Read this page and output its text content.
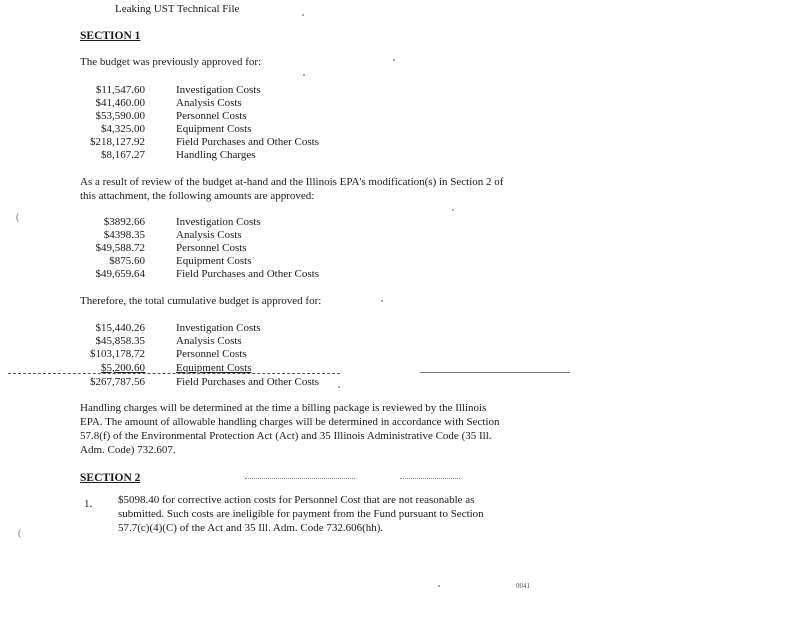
Leaking UST Technical File
SECTION 1
The budget was previously approved for:
$11,547.60	Investigation Costs
$41,460.00	Analysis Costs
$53,590.00	Personnel Costs
$4,325.00	Equipment Costs
$218,127.92	Field Purchases and Other Costs
$8,167.27	Handling Charges
As a result of review of the budget at-hand and the Illinois EPA's modification(s) in Section 2 of
this attachment, the following amounts are approved:
$3892.66	Investigation Costs
$4398.35	Analysis Costs
$49,588.72	Personnel Costs
$875.60	Equipment Costs
$49,659.64	Field Purchases and Other Costs
Therefore, the total cumulative budget is approved for:
$15,440.26	Investigation Costs
$45,858.35	Analysis Costs
$103,178.72	Personnel Costs
$5,200.60	Equipment Costs
$267,787.56	Field Purchases and Other Costs
Handling charges will be determined at the time a billing package is reviewed by the Illinois
EPA. The amount of allowable handling charges will be determined in accordance with Section
57.8(f) of the Environmental Protection Act (Act) and 35 Illinois Administrative Code (35 Ill.
Adm. Code) 732.607.
SECTION 2
1. $5098.40 for corrective action costs for Personnel Cost that are not reasonable as
submitted. Such costs are ineligible for payment from the Fund pursuant to Section
57.7(c)(4)(C) of the Act and 35 Ill. Adm. Code 732.606(hh).
(
(
0041
